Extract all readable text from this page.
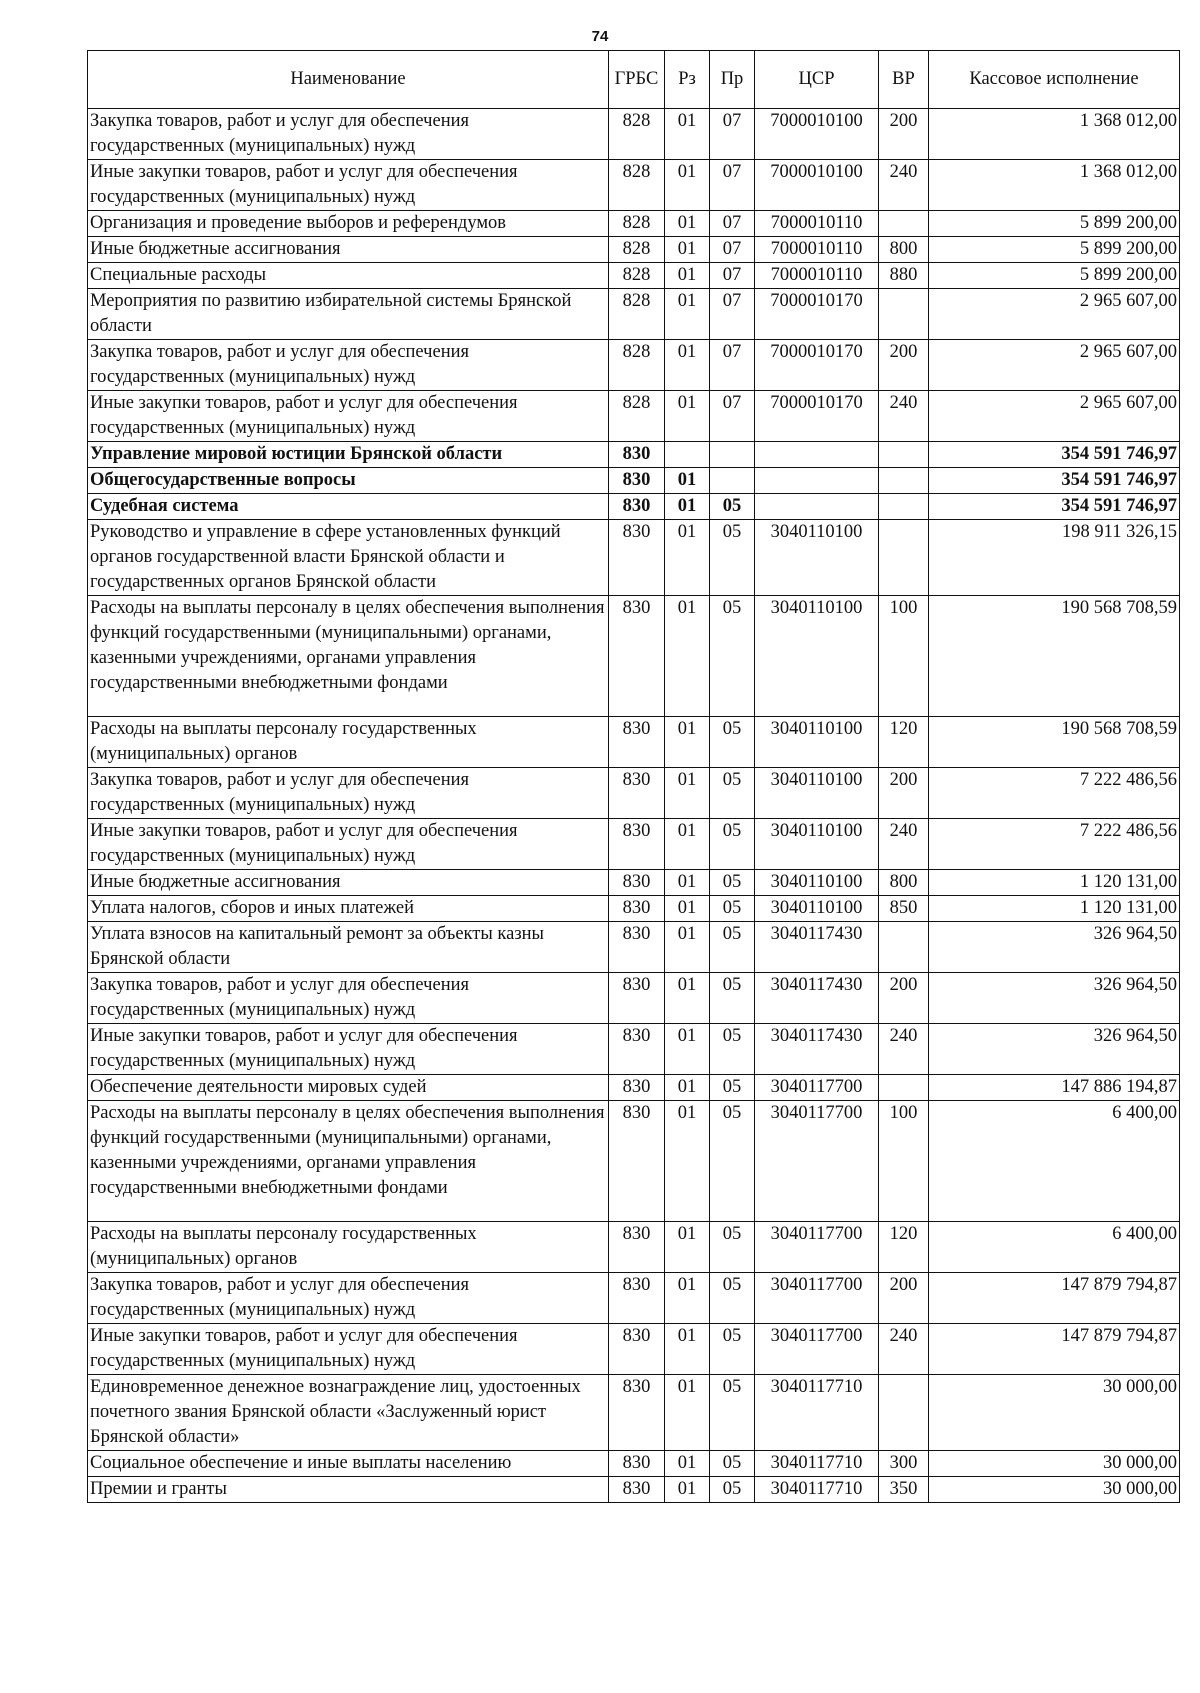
74
Наименование	ГРБС	Рз	Пр	ЦСР	ВР	Кассовое исполнение
Закупка товаров, работ и услуг для обеспечения государственных (муниципальных) нужд	828	01	07	7000010100	200	1 368 012,00
Иные закупки товаров, работ и услуг для обеспечения государственных (муниципальных) нужд	828	01	07	7000010100	240	1 368 012,00
Организация и проведение выборов и референдумов	828	01	07	7000010110		5 899 200,00
Иные бюджетные ассигнования	828	01	07	7000010110	800	5 899 200,00
Специальные расходы	828	01	07	7000010110	880	5 899 200,00
Мероприятия по развитию избирательной системы Брянской области	828	01	07	7000010170		2 965 607,00
Закупка товаров, работ и услуг для обеспечения государственных (муниципальных) нужд	828	01	07	7000010170	200	2 965 607,00
Иные закупки товаров, работ и услуг для обеспечения государственных (муниципальных) нужд	828	01	07	7000010170	240	2 965 607,00
Управление мировой юстиции Брянской области	830					354 591 746,97
Общегосударственные вопросы	830	01				354 591 746,97
Судебная система	830	01	05			354 591 746,97
Руководство и управление в сфере установленных функций органов государственной власти Брянской области и государственных органов Брянской области	830	01	05	3040110100		198 911 326,15
Расходы на выплаты персоналу в целях обеспечения выполнения функций государственными (муниципальными) органами, казенными учреждениями, органами управления государственными внебюджетными фондами	830	01	05	3040110100	100	190 568 708,59
Расходы на выплаты персоналу государственных (муниципальных) органов	830	01	05	3040110100	120	190 568 708,59
Закупка товаров, работ и услуг для обеспечения государственных (муниципальных) нужд	830	01	05	3040110100	200	7 222 486,56
Иные закупки товаров, работ и услуг для обеспечения государственных (муниципальных) нужд	830	01	05	3040110100	240	7 222 486,56
Иные бюджетные ассигнования	830	01	05	3040110100	800	1 120 131,00
Уплата налогов, сборов и иных платежей	830	01	05	3040110100	850	1 120 131,00
Уплата взносов на капитальный ремонт за объекты казны Брянской области	830	01	05	3040117430		326 964,50
Закупка товаров, работ и услуг для обеспечения государственных (муниципальных) нужд	830	01	05	3040117430	200	326 964,50
Иные закупки товаров, работ и услуг для обеспечения государственных (муниципальных) нужд	830	01	05	3040117430	240	326 964,50
Обеспечение деятельности мировых судей	830	01	05	3040117700		147 886 194,87
Расходы на выплаты персоналу в целях обеспечения выполнения функций государственными (муниципальными) органами, казенными учреждениями, органами управления государственными внебюджетными фондами	830	01	05	3040117700	100	6 400,00
Расходы на выплаты персоналу государственных (муниципальных) органов	830	01	05	3040117700	120	6 400,00
Закупка товаров, работ и услуг для обеспечения государственных (муниципальных) нужд	830	01	05	3040117700	200	147 879 794,87
Иные закупки товаров, работ и услуг для обеспечения государственных (муниципальных) нужд	830	01	05	3040117700	240	147 879 794,87
Единовременное денежное вознаграждение лиц, удостоенных почетного звания Брянской области «Заслуженный юрист Брянской области»	830	01	05	3040117710		30 000,00
Социальное обеспечение и иные выплаты населению	830	01	05	3040117710	300	30 000,00
Премии и гранты	830	01	05	3040117710	350	30 000,00
